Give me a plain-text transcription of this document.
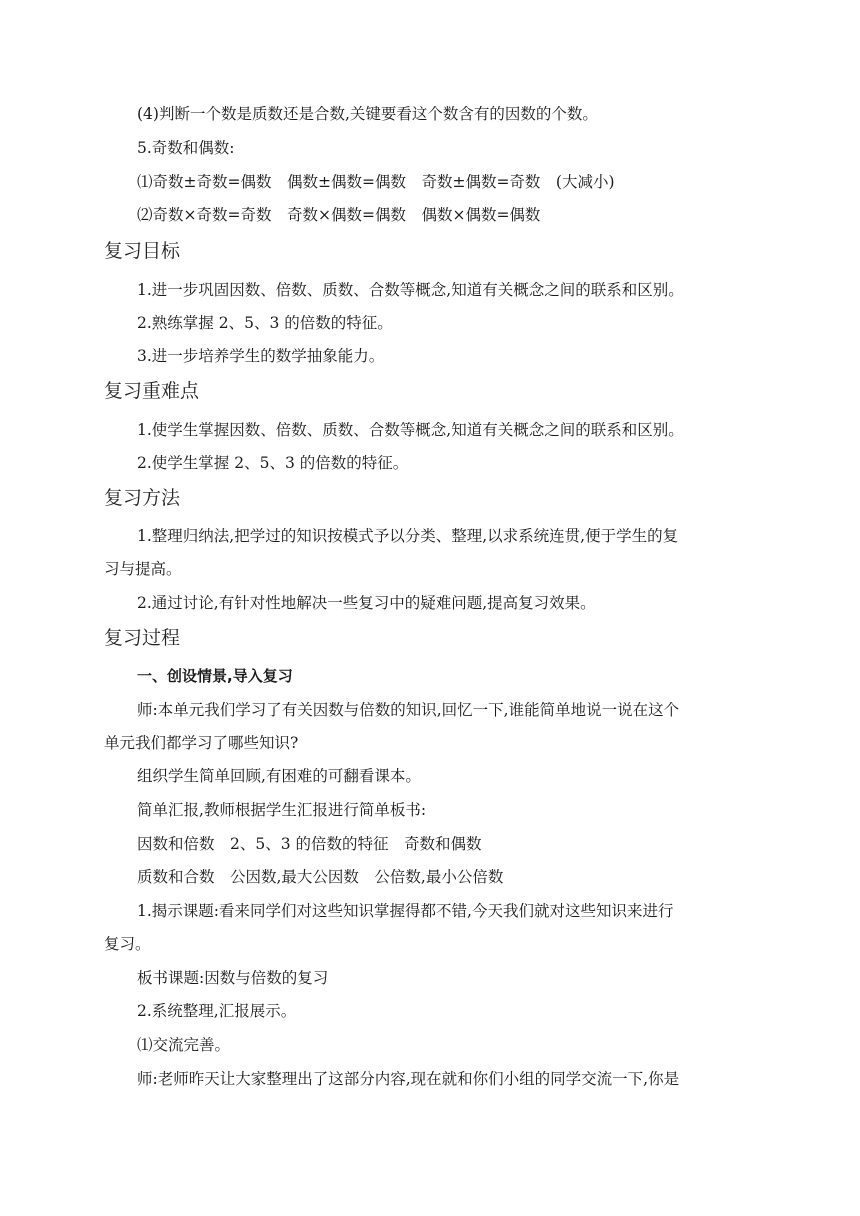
(4)判断一个数是质数还是合数,关键要看这个数含有的因数的个数。
5.奇数和偶数:
⑴奇数±奇数=偶数　偶数±偶数=偶数　奇数±偶数=奇数　(大减小)
⑵奇数×奇数=奇数　奇数×偶数=偶数　偶数×偶数=偶数
复习目标
1.进一步巩固因数、倍数、质数、合数等概念,知道有关概念之间的联系和区别。
2.熟练掌握 2、5、3 的倍数的特征。
3.进一步培养学生的数学抽象能力。
复习重难点
1.使学生掌握因数、倍数、质数、合数等概念,知道有关概念之间的联系和区别。
2.使学生掌握 2、5、3 的倍数的特征。
复习方法
1.整理归纳法,把学过的知识按模式予以分类、整理,以求系统连贯,便于学生的复
习与提高。
2.通过讨论,有针对性地解决一些复习中的疑难问题,提高复习效果。
复习过程
一、创设情景,导入复习
师:本单元我们学习了有关因数与倍数的知识,回忆一下,谁能简单地说一说在这个
单元我们都学习了哪些知识?
组织学生简单回顾,有困难的可翻看课本。
简单汇报,教师根据学生汇报进行简单板书:
因数和倍数　2、5、3 的倍数的特征　奇数和偶数
质数和合数　公因数,最大公因数　公倍数,最小公倍数
1.揭示课题:看来同学们对这些知识掌握得都不错,今天我们就对这些知识来进行
复习。
板书课题:因数与倍数的复习
2.系统整理,汇报展示。
⑴交流完善。
师:老师昨天让大家整理出了这部分内容,现在就和你们小组的同学交流一下,你是
